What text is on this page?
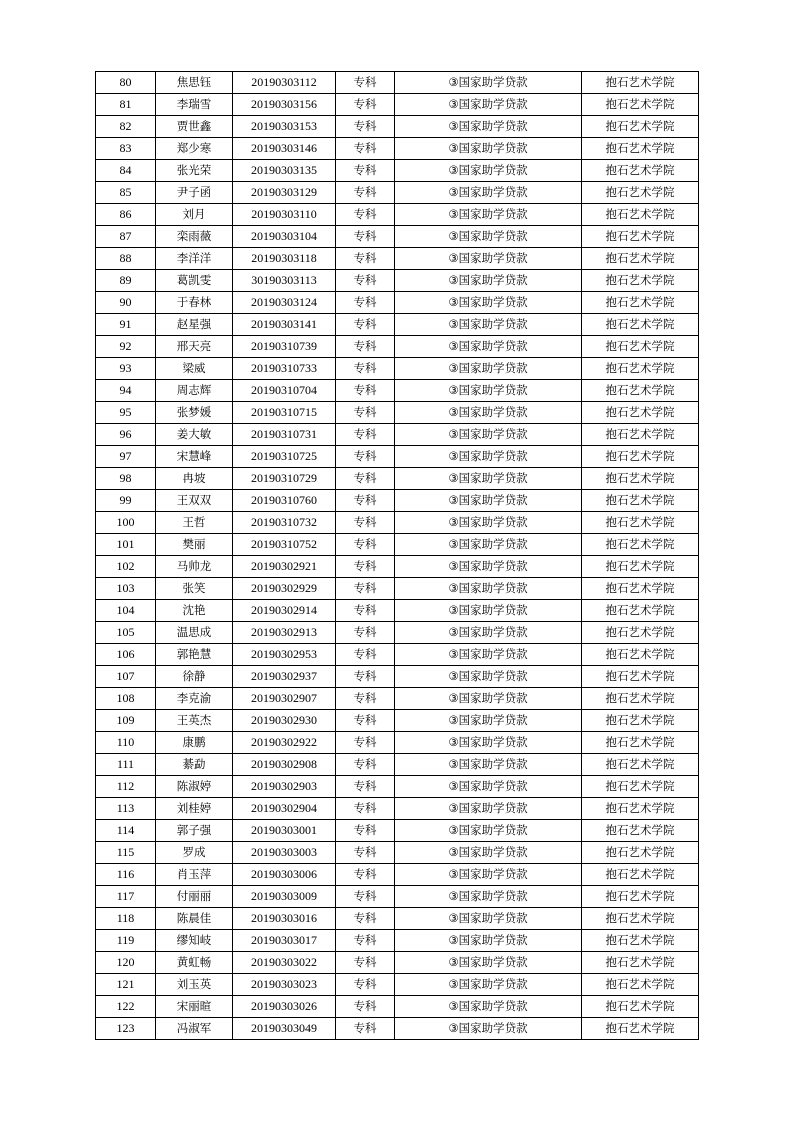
80	焦思钰	20190303112	专科	③国家助学贷款	抱石艺术学院
81	李瑞雪	20190303156	专科	③国家助学贷款	抱石艺术学院
82	贾世鑫	20190303153	专科	③国家助学贷款	抱石艺术学院
83	郑少寒	20190303146	专科	③国家助学贷款	抱石艺术学院
84	张光荣	20190303135	专科	③国家助学贷款	抱石艺术学院
85	尹子函	20190303129	专科	③国家助学贷款	抱石艺术学院
86	刘月	20190303110	专科	③国家助学贷款	抱石艺术学院
87	栾雨薇	20190303104	专科	③国家助学贷款	抱石艺术学院
88	李洋洋	20190303118	专科	③国家助学贷款	抱石艺术学院
89	葛凯雯	30190303113	专科	③国家助学贷款	抱石艺术学院
90	于春林	20190303124	专科	③国家助学贷款	抱石艺术学院
91	赵星强	20190303141	专科	③国家助学贷款	抱石艺术学院
92	邢天亮	20190310739	专科	③国家助学贷款	抱石艺术学院
93	梁威	20190310733	专科	③国家助学贷款	抱石艺术学院
94	周志辉	20190310704	专科	③国家助学贷款	抱石艺术学院
95	张梦媛	20190310715	专科	③国家助学贷款	抱石艺术学院
96	姜大敏	20190310731	专科	③国家助学贷款	抱石艺术学院
97	宋慧峰	20190310725	专科	③国家助学贷款	抱石艺术学院
98	冉坡	20190310729	专科	③国家助学贷款	抱石艺术学院
99	王双双	20190310760	专科	③国家助学贷款	抱石艺术学院
100	王哲	20190310732	专科	③国家助学贷款	抱石艺术学院
101	樊丽	20190310752	专科	③国家助学贷款	抱石艺术学院
102	马帅龙	20190302921	专科	③国家助学贷款	抱石艺术学院
103	张笑	20190302929	专科	③国家助学贷款	抱石艺术学院
104	沈艳	20190302914	专科	③国家助学贷款	抱石艺术学院
105	温思成	20190302913	专科	③国家助学贷款	抱石艺术学院
106	郭艳慧	20190302953	专科	③国家助学贷款	抱石艺术学院
107	徐静	20190302937	专科	③国家助学贷款	抱石艺术学院
108	李克渝	20190302907	专科	③国家助学贷款	抱石艺术学院
109	王英杰	20190302930	专科	③国家助学贷款	抱石艺术学院
110	康鹏	20190302922	专科	③国家助学贷款	抱石艺术学院
111	綦勐	20190302908	专科	③国家助学贷款	抱石艺术学院
112	陈淑婷	20190302903	专科	③国家助学贷款	抱石艺术学院
113	刘桂婷	20190302904	专科	③国家助学贷款	抱石艺术学院
114	郭子强	20190303001	专科	③国家助学贷款	抱石艺术学院
115	罗成	20190303003	专科	③国家助学贷款	抱石艺术学院
116	肖玉萍	20190303006	专科	③国家助学贷款	抱石艺术学院
117	付丽丽	20190303009	专科	③国家助学贷款	抱石艺术学院
118	陈晨佳	20190303016	专科	③国家助学贷款	抱石艺术学院
119	缪知岐	20190303017	专科	③国家助学贷款	抱石艺术学院
120	黄虹畅	20190303022	专科	③国家助学贷款	抱石艺术学院
121	刘玉英	20190303023	专科	③国家助学贷款	抱石艺术学院
122	宋丽暄	20190303026	专科	③国家助学贷款	抱石艺术学院
123	冯淑军	20190303049	专科	③国家助学贷款	抱石艺术学院
